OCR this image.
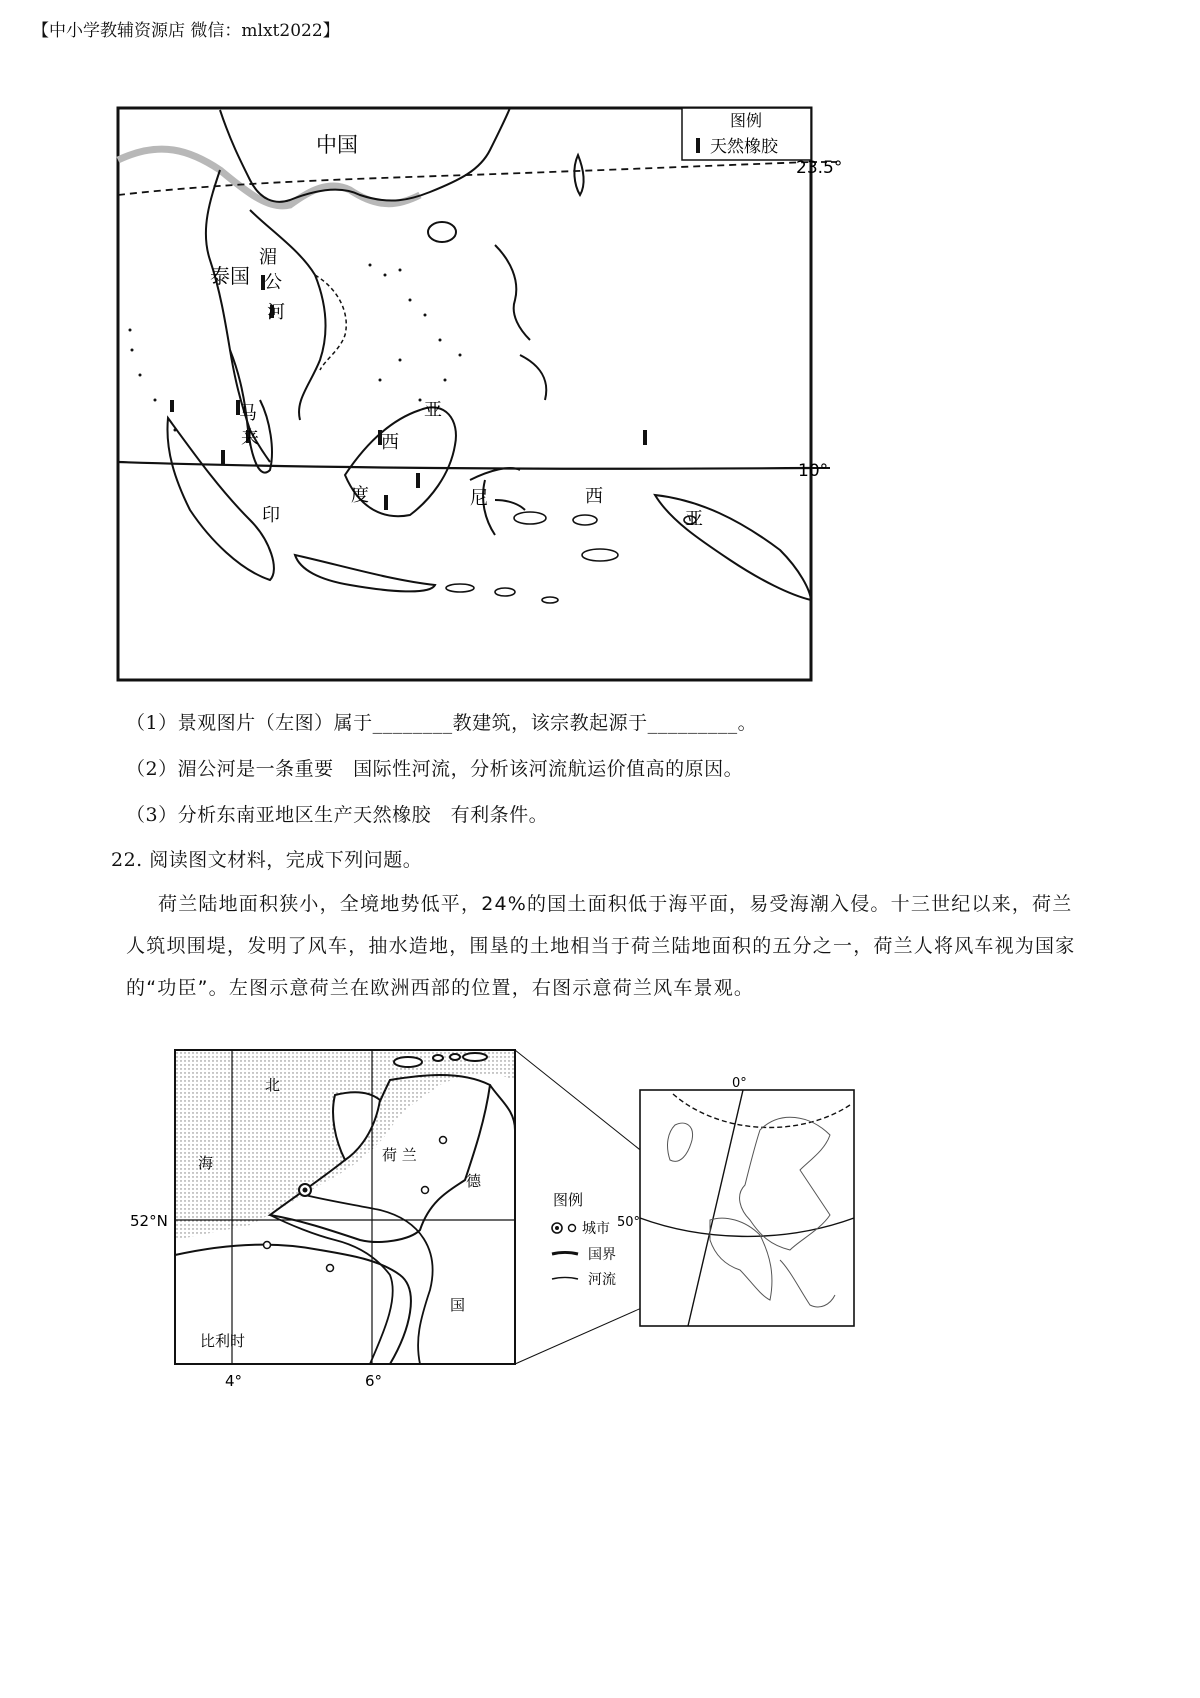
【中小学教辅资源店 微信：mlxt2022】
图例
天然橡胶
23.5°
10°
中国
泰国
湄
公
河
马
来	西
亚
印
度	尼	西
亚
（1）景观图片（左图）属于________教建筑，该宗教起源于_________。
（2）湄公河是一条重要　国际性河流，分析该河流航运价值高的原因。
（3）分析东南亚地区生产天然橡胶　有利条件。
22. 阅读图文材料，完成下列问题。

荷兰陆地面积狭小，全境地势低平，24%的国土面积低于海平面，易受海潮入侵。十三世纪以来，荷兰人筑坝围堤，发明了风车，抽水造地，围垦的土地相当于荷兰陆地面积的五分之一，荷兰人将风车视为国家的“功臣”。左图示意荷兰在欧洲西部的位置，右图示意荷兰风车景观。

北
海	荷 兰
德
国
比利时
52°N
4°	6°
图例
城市
国界
河流
0°
50°
